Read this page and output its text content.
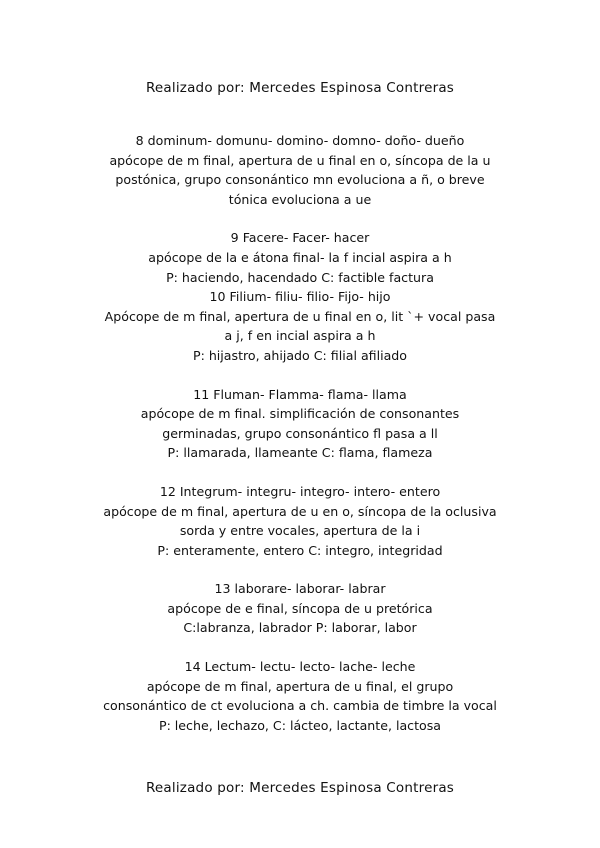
Realizado por: Mercedes Espinosa Contreras
8 dominum- domunu- domino- domno- doño- dueño
apócope de m final, apertura de u final en o, síncopa de la u
postónica, grupo consonántico mn evoluciona a ñ, o breve
tónica evoluciona a ue
9 Facere- Facer- hacer
apócope de la e átona final- la f incial aspira a h
P: haciendo, hacendado C: factible factura
10 Filium- filiu- filio- Fijo- hijo
Apócope de m final, apertura de u final en o, lit `+ vocal pasa
a j, f en incial aspira a h
P: hijastro, ahijado C: filial afiliado
11 Fluman- Flamma- flama- llama
apócope de m final. simplificación de consonantes
germinadas, grupo consonántico fl pasa a ll
P: llamarada, llameante C: flama, flameza
12 Integrum- integru- integro- intero- entero
apócope de m final, apertura de u en o, síncopa de la oclusiva
sorda y entre vocales, apertura de la i
P: enteramente, entero C: integro, integridad
13 laborare- laborar- labrar
apócope de e final, síncopa de u pretórica
C:labranza, labrador P: laborar, labor
14 Lectum- lectu- lecto- lache- leche
apócope de m final, apertura de u final, el grupo
consonántico de ct evoluciona a ch. cambia de timbre la vocal
P: leche, lechazo, C: lácteo, lactante, lactosa
Realizado por: Mercedes Espinosa Contreras
